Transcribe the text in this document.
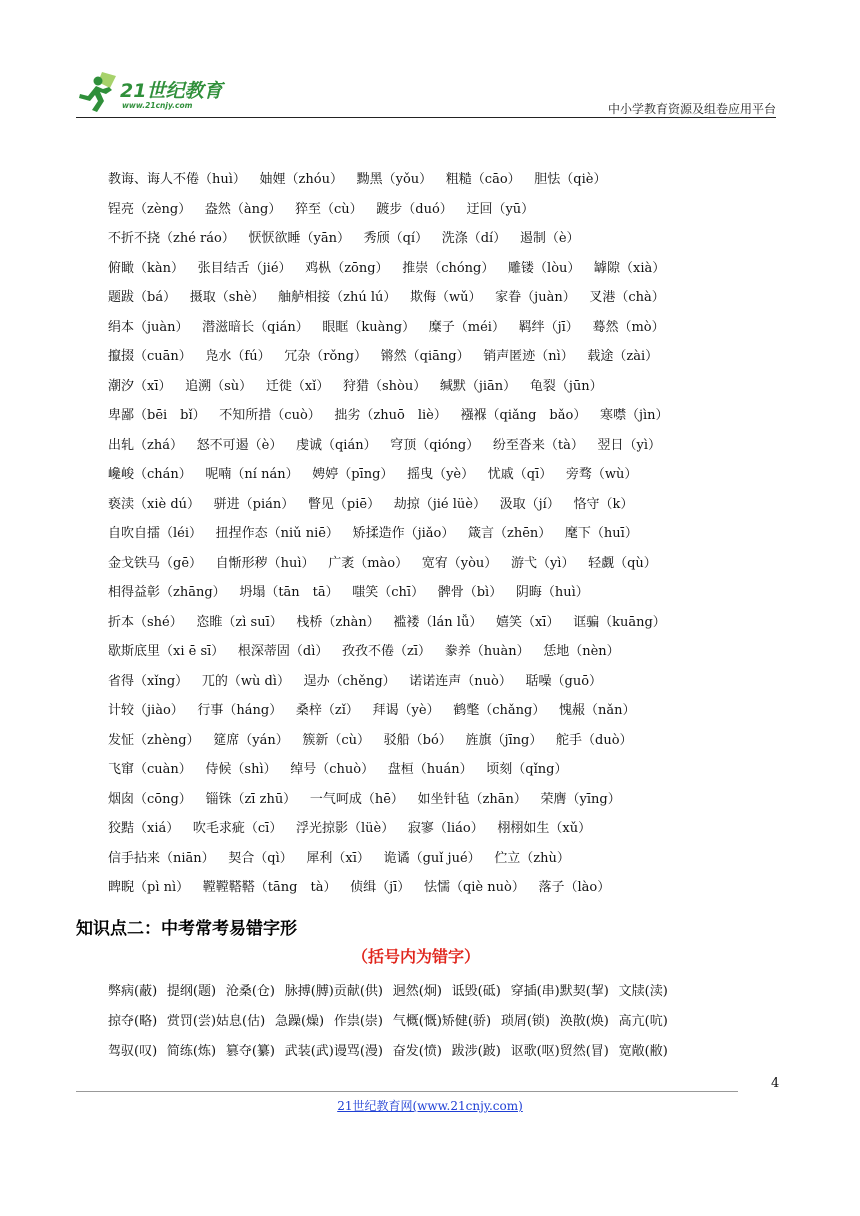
21世纪教育
www.21cnjy.com	中小学教育资源及组卷应用平台
教诲、诲人不倦（huì） 妯娌（zhóu） 黝黑（yǒu） 粗糙（cāo） 胆怯（qiè）
锃亮（zèng） 盎然（àng） 猝至（cù） 踱步（duó） 迂回（yū）
不折不挠（zhé ráo） 恹恹欲睡（yān） 秀颀（qí） 洗涤（dí） 遏制（è）
俯瞰（kàn） 张目结舌（jié） 鸡枞（zōng） 推崇（chóng） 雕镂（lòu） 罅隙（xià）
题跋（bá） 摄取（shè） 舳舻相接（zhú lú） 欺侮（wǔ） 家眷（juàn） 叉港（chà）
绢本（juàn） 潜滋暗长（qián） 眼眶（kuàng） 糜子（méi） 羁绊（jī） 蓦然（mò）
攛掇（cuān） 凫水（fú） 冗杂（rǒng） 锵然（qiāng） 销声匿迹（nì） 载途（zài）
潮汐（xī） 追溯（sù） 迁徙（xǐ） 狩猎（shòu） 缄默（jiān） 龟裂（jūn）
卑鄙（bēi　bǐ） 不知所措（cuò） 拙劣（zhuō　liè） 襁褓（qiǎng　bǎo） 寒噤（jìn）
出轧（zhá） 怒不可遏（è） 虔诚（qián） 穹顶（qióng） 纷至沓来（tà） 翌日（yì）
巉峻（chán） 呢喃（ní nán） 娉婷（pīng） 摇曳（yè） 忧戚（qī） 旁骛（wù）
亵渎（xiè dú） 骈进（pián） 瞥见（piē） 劫掠（jié lüè） 汲取（jí） 恪守（k）
自吹自擂（léi） 扭捏作态（niǔ niē） 矫揉造作（jiǎo） 箴言（zhēn） 麾下（huī）
金戈铁马（gē） 自惭形秽（huì） 广袤（mào） 宽宥（yòu） 游弋（yì） 轻觑（qù）
相得益彰（zhāng） 坍塌（tān　tā） 嗤笑（chī） 髀骨（bì） 阴晦（huì）
折本（shé） 恣睢（zì suī） 栈桥（zhàn） 褴褛（lán lǚ） 嬉笑（xī） 诓骗（kuāng）
歇斯底里（xi ē sī） 根深蒂固（dì） 孜孜不倦（zī） 豢养（huàn） 恁地（nèn）
省得（xǐng） 兀的（wù dì） 逞办（chěng） 诺诺连声（nuò） 聒噪（guō）
计较（jiào） 行事（háng） 桑梓（zǐ） 拜谒（yè） 鹤氅（chǎng） 愧赧（nǎn）
发怔（zhèng） 筵席（yán） 簇新（cù） 驳船（bó） 旌旗（jīng） 舵手（duò）
飞窜（cuàn） 侍候（shì） 绰号（chuò） 盘桓（huán） 顷刻（qǐng）
烟囱（cōng） 锱铢（zī zhū） 一气呵成（hē） 如坐针毡（zhān） 荣膺（yīng）
狡黠（xiá） 吹毛求疵（cī） 浮光掠影（lüè） 寂寥（liáo） 栩栩如生（xǔ）
信手拈来（niān） 契合（qì） 犀利（xī） 诡谲（guǐ jué） 伫立（zhù）
睥睨（pì nì） 鞺鞺鞳鞳（tāng　tà） 侦缉（jī） 怯懦（qiè nuò） 落子（lào）
知识点二：中考常考易错字形
（括号内为错字）
弊病(蔽) 提纲(题) 沧桑(仓) 脉搏(膊)贡献(供) 迥然(炯) 诋毁(砥) 穿插(串)默契(挈) 文牍(渎)
掠夺(略) 赏罚(尝)姑息(估) 急躁(燥) 作祟(崇) 气概(慨)矫健(骄) 琐屑(锁) 涣散(焕) 高亢(吭)
驾驭(叹) 简练(炼) 篡夺(纂) 武装(武)谩骂(漫) 奋发(愤) 跋涉(跛) 讴歌(呕)贸然(冒) 宽敞(敝)
4
21世纪教育网(www.21cnjy.com)
